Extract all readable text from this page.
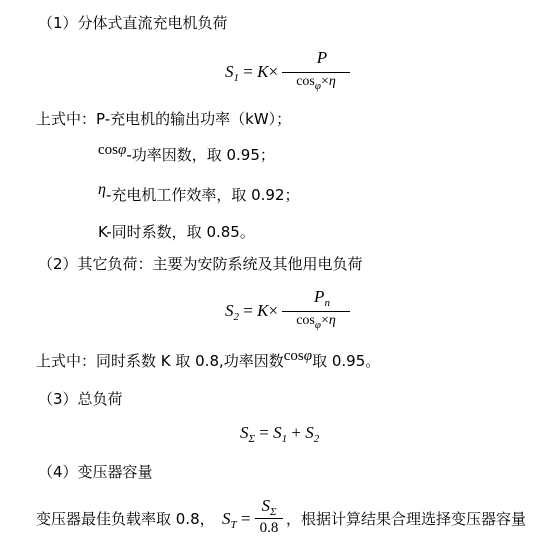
（1）分体式直流充电机负荷
$S_1 = K\times$
P
$\cos_\varphi\times\eta$
上式中：P-充电机的输出功率（kW）；
cosφ-功率因数，取 0.95；
η-充电机工作效率，取 0.92；
K-同时系数，取 0.85。
（2）其它负荷：主要为安防系统及其他用电负荷
$S_2 = K\times$
$P_n$
$\cos_\varphi\times\eta$
上式中：同时系数 K 取 0.8,功率因数cosφ取 0.95。
（3）总负荷
$S_\Sigma = S_1 + S_2$
（4）变压器容量
变压器最佳负载率取 0.8， $S_T$ =
$S_\Sigma$
0.8 ，根据计算结果合理选择变压器容量
